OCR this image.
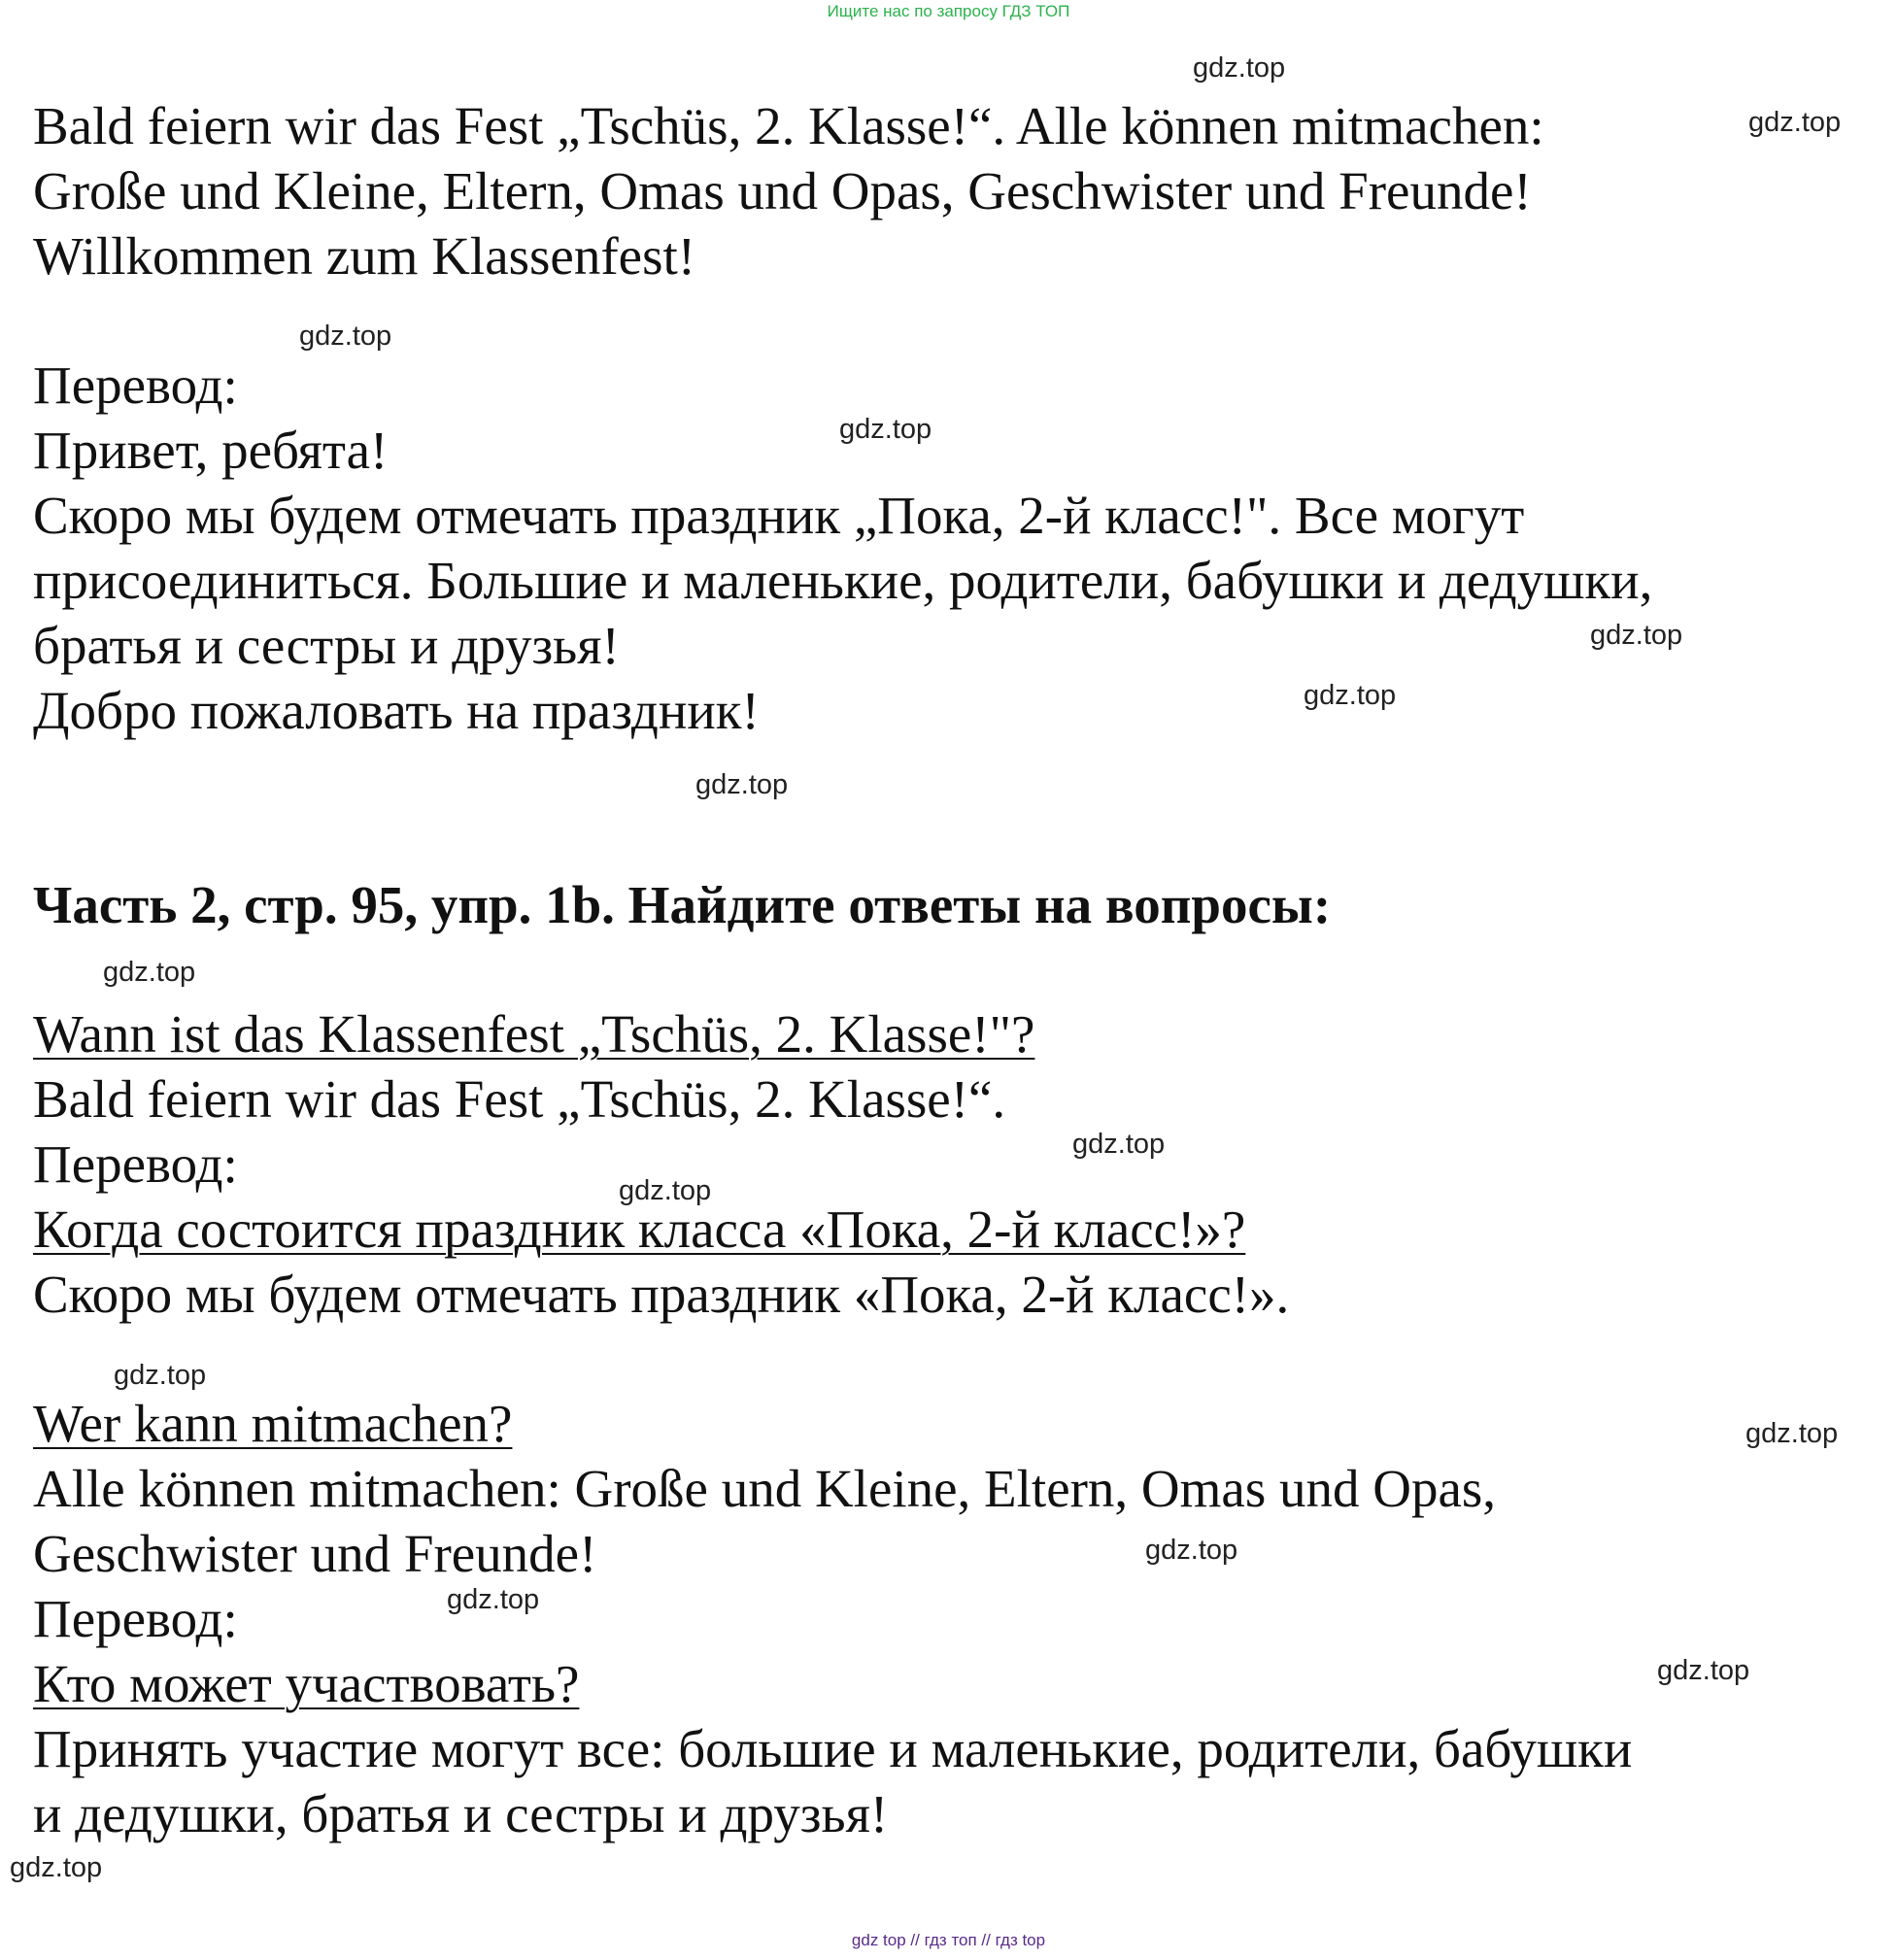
Ищите нас по запросу ГДЗ ТОП
Bald feiern wir das Fest „Tschüs, 2. Klasse!“. Alle können mitmachen:
Große und Kleine, Eltern, Omas und Opas, Geschwister und Freunde!
Willkommen zum Klassenfest!
Перевод:
Привет, ребята!
Скоро мы будем отмечать праздник „Пока, 2-й класс!". Все могут
присоединиться. Большие и маленькие, родители, бабушки и дедушки,
братья и сестры и друзья!
Добро пожаловать на праздник!
Часть 2, стр. 95, упр. 1b. Найдите ответы на вопросы:
Wann ist das Klassenfest „Tschüs, 2. Klasse!"?
Bald feiern wir das Fest „Tschüs, 2. Klasse!“.
Перевод:
Когда состоится праздник класса «Пока, 2-й класс!»?
Скоро мы будем отмечать праздник «Пока, 2-й класс!».
Wer kann mitmachen?
Alle können mitmachen: Große und Kleine, Eltern, Omas und Opas,
Geschwister und Freunde!
Перевод:
Кто может участвовать?
Принять участие могут все: большие и маленькие, родители, бабушки
и дедушки, братья и сестры и друзья!
gdz.top
gdz.top
gdz.top
gdz.top
gdz.top
gdz.top
gdz.top
gdz.top
gdz.top
gdz.top
gdz.top
gdz.top
gdz.top
gdz.top
gdz.top
gdz.top
gdz top // гдз топ // гдз top
